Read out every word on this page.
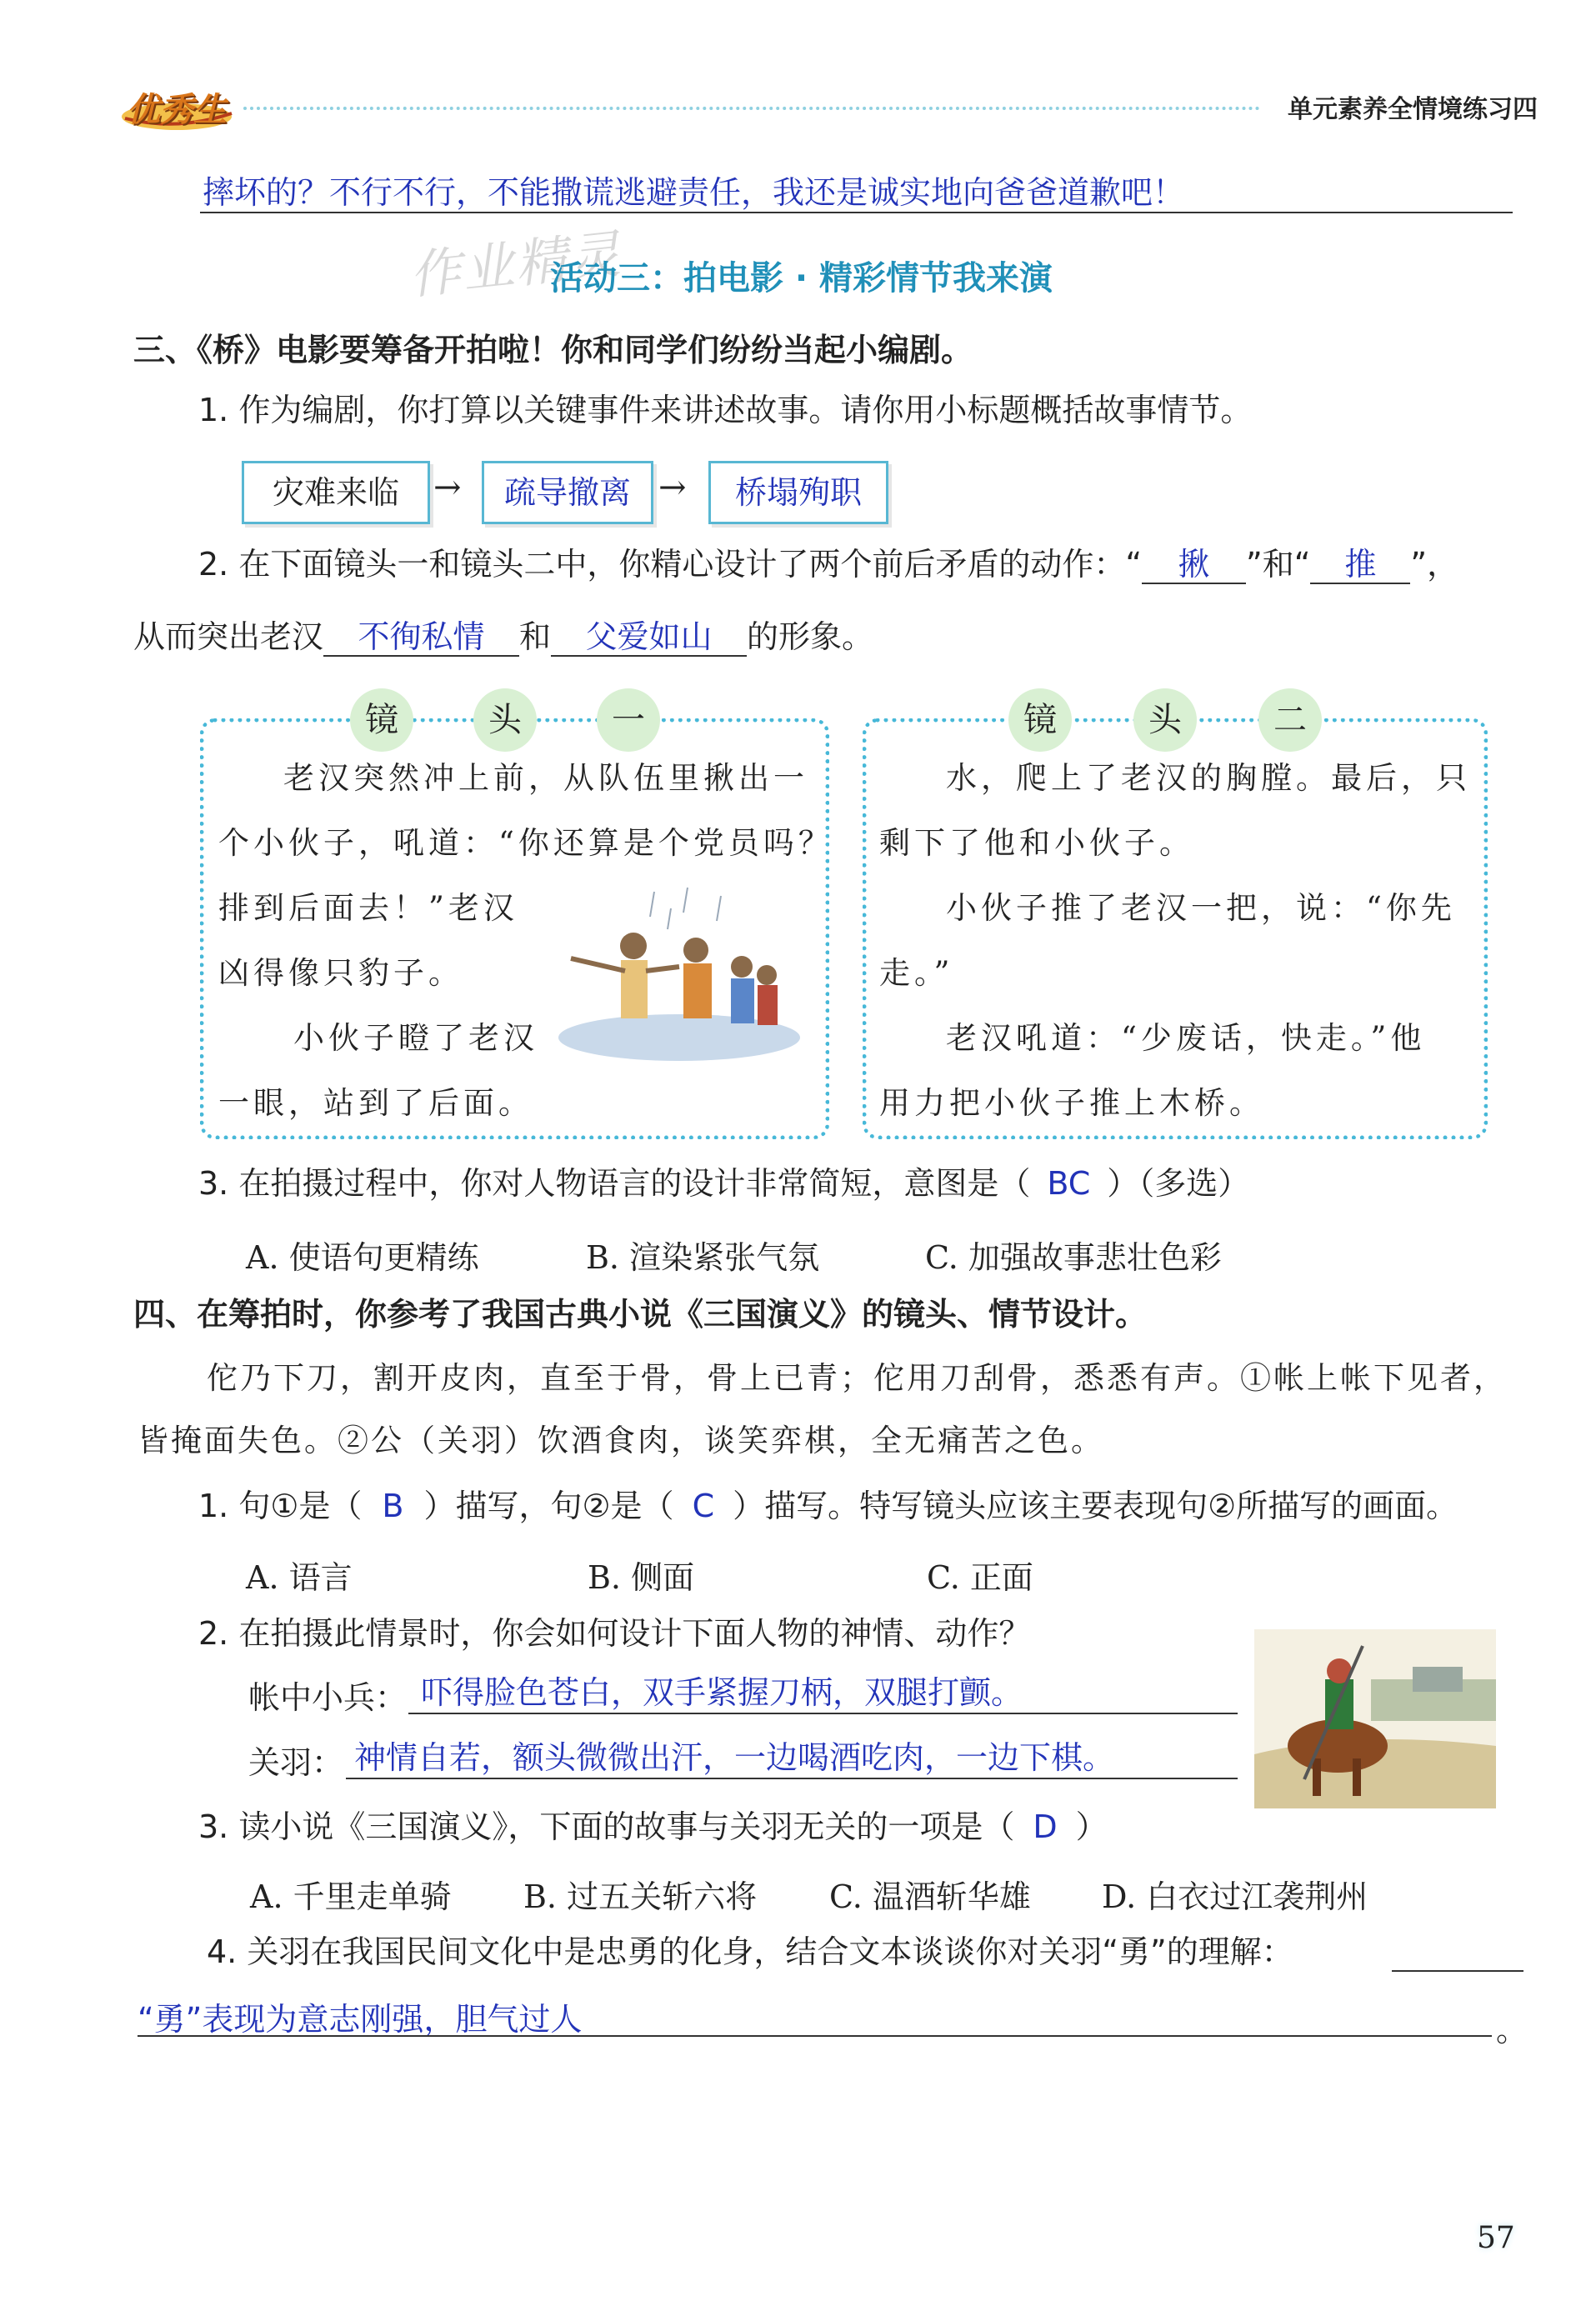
优秀生	单元素养全情境练习四
摔坏的？不行不行，不能撒谎逃避责任，我还是诚实地向爸爸道歉吧！
作业精灵
活动三：拍电影 · 精彩情节我来演
三、《桥》电影要筹备开拍啦！你和同学们纷纷当起小编剧。
1. 作为编剧，你打算以关键事件来讲述故事。请你用小标题概括故事情节。
灾难来临	→	疏导撤离 →	桥塌殉职
2. 在下面镜头一和镜头二中，你精心设计了两个前后矛盾的动作：“ 揪 ”和“ 推 ”，
从而突出老汉 不徇私情 和 父爱如山 的形象。
镜	头	一
老汉突然冲上前，从队伍里揪出一
个小伙子，吼道：“你还算是个党员吗？
排到后面去！”老汉
凶得像只豹子。
小伙子瞪了老汉
一眼，站到了后面。
镜	头	二
水，爬上了老汉的胸膛。最后，只
剩下了他和小伙子。
小伙子推了老汉一把，说：“你先
走。”
老汉吼道：“少废话，快走。”他
用力把小伙子推上木桥。
3. 在拍摄过程中，你对人物语言的设计非常简短，意图是（ BC ）（多选）
A. 使语句更精练	B. 渲染紧张气氛	C. 加强故事悲壮色彩
四、在筹拍时，你参考了我国古典小说《三国演义》的镜头、情节设计。
佗乃下刀，割开皮肉，直至于骨，骨上已青；佗用刀刮骨，悉悉有声。①帐上帐下见者，
皆掩面失色。②公（关羽）饮酒食肉，谈笑弈棋，全无痛苦之色。
1. 句①是（ B ）描写，句②是（ C ）描写。特写镜头应该主要表现句②所描写的画面。
A. 语言	B. 侧面	C. 正面
2. 在拍摄此情景时，你会如何设计下面人物的神情、动作？
帐中小兵： 吓得脸色苍白，双手紧握刀柄，双腿打颤。
关羽： 神情自若，额头微微出汗，一边喝酒吃肉，一边下棋。
3. 读小说《三国演义》，下面的故事与关羽无关的一项是（ D ）
A. 千里走单骑 B. 过五关斩六将 C. 温酒斩华雄 D. 白衣过江袭荆州
4. 关羽在我国民间文化中是忠勇的化身，结合文本谈谈你对关羽“勇”的理解：
“勇”表现为意志刚强，胆气过人	。
57
